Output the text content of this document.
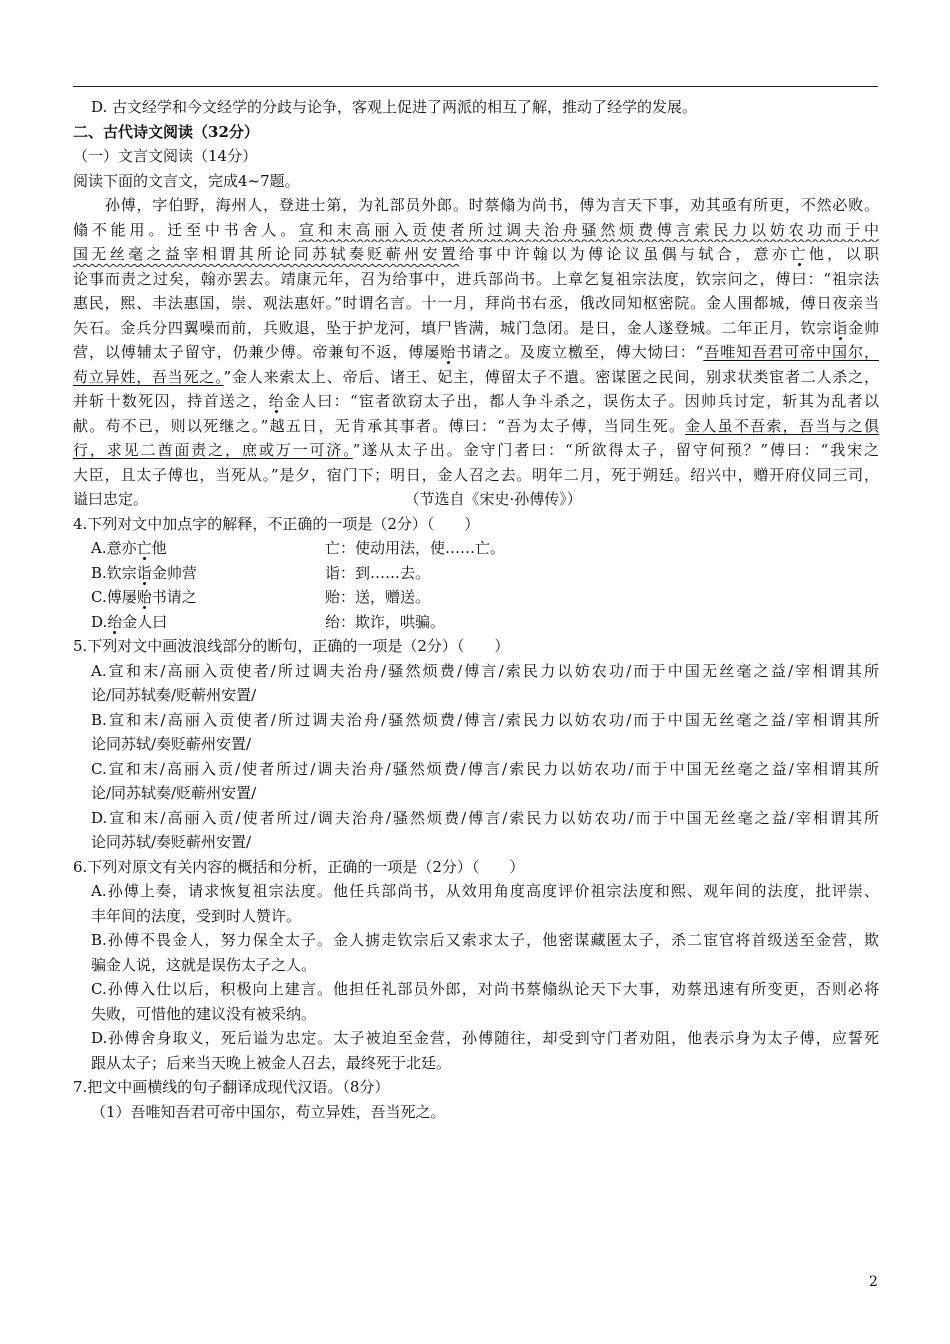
D. 古文经学和今文经学的分歧与论争，客观上促进了两派的相互了解，推动了经学的发展。
二、古代诗文阅读（32分）
（一）文言文阅读（14分）
阅读下面的文言文，完成4~7题。
孙傅，字伯野，海州人，登进士第，为礼部员外郎。时蔡翛为尚书，傅为言天下事，劝其亟有所更，不然必败。
翛不能用。迁至中书舍人。宣和末高丽入贡使者所过调夫治舟骚然烦费傅言索民力以妨农功而于中
国无丝毫之益宰相谓其所论同苏轼奏贬蕲州安置给事中许翰以为傅论议虽偶与轼合，意亦亡他，以职
论事而责之过矣，翰亦罢去。靖康元年，召为给事中，进兵部尚书。上章乞复祖宗法度，钦宗问之，傅曰：“祖宗法
惠民，熙、丰法惠国，崇、观法惠奸。”时谓名言。十一月，拜尚书右丞，俄改同知枢密院。金人围都城，傅日夜亲当
矢石。金兵分四翼噪而前，兵败退，坠于护龙河，填尸皆满，城门急闭。是日，金人遂登城。二年正月，钦宗诣金帅
营，以傅辅太子留守，仍兼少傅。帝兼旬不返，傅屡贻书请之。及废立檄至，傅大恸曰：“吾唯知吾君可帝中国尔，
苟立异姓，吾当死之。”金人来索太上、帝后、诸王、妃主，傅留太子不遣。密谋匿之民间，别求状类宦者二人杀之，
并斩十数死囚，持首送之，绐金人曰：“宦者欲窃太子出，都人争斗杀之，误伤太子。因帅兵讨定，斩其为乱者以
献。苟不已，则以死继之。”越五日，无肯承其事者。傅曰：“吾为太子傅，当同生死。金人虽不吾索，吾当与之俱
行，求见二酋面责之，庶或万一可济。”遂从太子出。金守门者曰：“所欲得太子，留守何预？”傅曰：“我宋之
大臣，且太子傅也，当死从。”是夕，宿门下；明日，金人召之去。明年二月，死于朔廷。绍兴中，赠开府仪同三司，
谥曰忠定。	（节选自《宋史·孙傅传》）
4.下列对文中加点字的解释，不正确的一项是（2分）（　　）
A.意亦亡他	亡：使动用法，使……亡。
B.钦宗诣金帅营	诣：到……去。
C.傅屡贻书请之	贻：送，赠送。
D.绐金人曰	绐：欺诈，哄骗。
5.下列对文中画波浪线部分的断句，正确的一项是（2分）（　　）
A.宣和末/高丽入贡使者/所过调夫治舟/骚然烦费/傅言/索民力以妨农功/而于中国无丝毫之益/宰相谓其所
论/同苏轼奏/贬蕲州安置/
B.宣和末/高丽入贡使者/所过调夫治舟/骚然烦费/傅言/索民力以妨农功/而于中国无丝毫之益/宰相谓其所
论同苏轼/奏贬蕲州安置/
C.宣和末/高丽入贡/使者所过/调夫治舟/骚然烦费/傅言/索民力以妨农功/而于中国无丝毫之益/宰相谓其所
论/同苏轼奏/贬蕲州安置/
D.宣和末/高丽入贡/使者所过/调夫治舟/骚然烦费/傅言/索民力以妨农功/而于中国无丝毫之益/宰相谓其所
论同苏轼/奏贬蕲州安置/
6.下列对原文有关内容的概括和分析，正确的一项是（2分）（　　）
A.孙傅上奏，请求恢复祖宗法度。他任兵部尚书，从效用角度高度评价祖宗法度和熙、观年间的法度，批评崇、
丰年间的法度，受到时人赞许。
B.孙傅不畏金人，努力保全太子。金人掳走钦宗后又索求太子，他密谋藏匿太子，杀二宦官将首级送至金营，欺
骗金人说，这就是误伤太子之人。
C.孙傅入仕以后，积极向上建言。他担任礼部员外郎，对尚书蔡翛纵论天下大事，劝蔡迅速有所变更，否则必将
失败，可惜他的建议没有被采纳。
D.孙傅舍身取义，死后谥为忠定。太子被迫至金营，孙傅随往，却受到守门者劝阻，他表示身为太子傅，应誓死
跟从太子；后来当天晚上被金人召去，最终死于北廷。
7.把文中画横线的句子翻译成现代汉语。（8分）
（1）吾唯知吾君可帝中国尔，苟立异姓，吾当死之。
2
